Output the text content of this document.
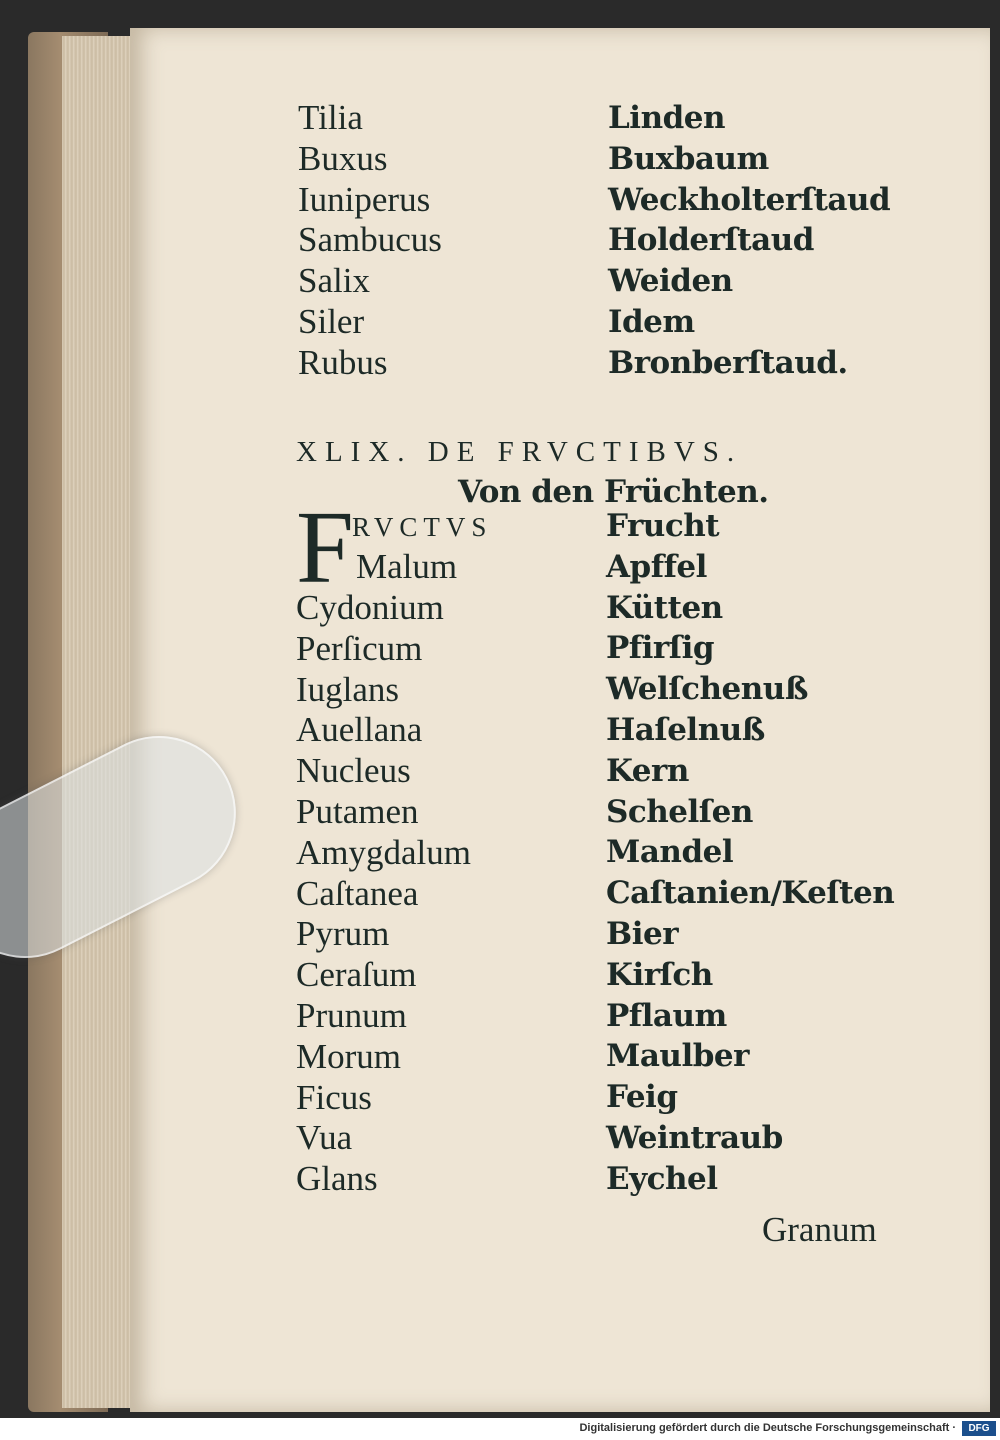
Tilia
Buxus
Iuniperus
Sambucus
Salix
Siler
Rubus
Linden
Buxbaum
Weckholterſtaud
Holderſtaud
Weiden
Idem
Bronberſtaud.
XLIX. DE FRVCTIBVS.
Von den Früchten.
F
RVCTVS
Malum
Cydonium
Perſicum
Iuglans
Auellana
Nucleus
Putamen
Amygdalum
Caſtanea
Pyrum
Ceraſum
Prunum
Morum
Ficus
Vua
Glans
Frucht
Apffel
Kütten
Pfirſig
Welſchenuß
Haſelnuß
Kern
Schelſen
Mandel
Caſtanien/Keſten
Bier
Kirſch
Pflaum
Maulber
Feig
Weintraub
Eychel
Granum
Digitalisierung gefördert durch die Deutsche Forschungsgemeinschaft ·	DFG
